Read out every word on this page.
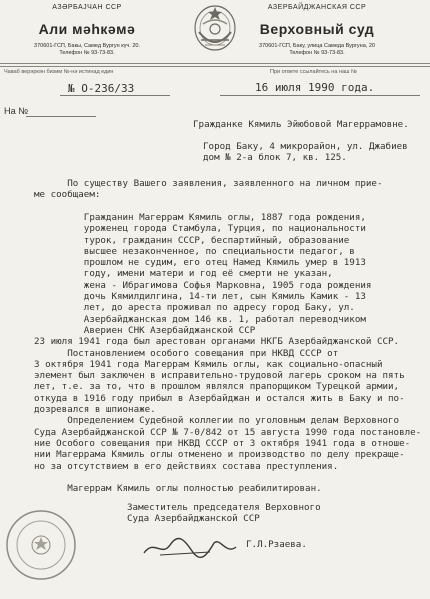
АЗƏРБАЈЧАН ССР
Али мəһкəмə
370601-ГСП, Бакы, Самед Вургун күч. 20.
Телефон № 93-73-83.
АЗЕРБАЙДЖАНСКАЯ ССР
Верховный суд
370601-ГСП, Баку, улица Самеда Вургуна, 20
Телефон № 93-73-83.
Чаваб верəркəн бизим №-нə истинад един	При ответе ссылайтесь на наш №
№ О-236/33	16 июля 1990 года.
На №
Гражданке Кямиль Эйюбовой Магеррамовне.
Город Баку, 4 микрорайон, ул. Джабиев
дом № 2-а блок 7, кв. 125.
По существу Вашего заявления, заявленного на личном прие-
ме сообщаем:
Гражданин Магеррам Кямиль оглы, 1887 года рождения,
уроженец города Стамбула, Турция, по национальности
турок, гражданин СССР, беспартийный, образование
высшее незаконченное, по специальности педагог, в
прошлом не судим, его отец Намед Кямиль умер в 1913
году, имени матери и год её смерти не указан,
жена - Ибрагимова Софья Марковна, 1905 года рождения
дочь Кямилдилгина, 14-ти лет, сын Кямиль Камик - 13
лет, до ареста проживал по адресу город Баку, ул.
Азербайджанская дом 146 кв. 1, работал переводчиком
Авериен СНК Азербайджанской ССР
23 июля 1941 года был арестован органами НКГБ Азербайджанской ССР.
Постановлением особого совещания при НКВД СССР от
3 октября 1941 года Магеррам Кямиль оглы, как социально-опасный
элемент был заключен в исправительно-трудовой лагерь сроком на пять
лет, т.е. за то, что в прошлом являлся прапорщиком Турецкой армии,
откуда в 1916 году прибыл в Азербайджан и остался жить в Баку и по-
дозревался в шпионаже.
Определением Судебной коллегии по уголовным делам Верховного
Суда Азербайджанской ССР № 7-0/842 от 15 августа 1990 года постановле-
ние Особого совещания при НКВД СССР от 3 октября 1941 года в отноше-
нии Магеррама Кямиль оглы отменено и производство по делу прекраще-
но за отсутствием в его действиях состава преступления.
Магеррам Кямиль оглы полностью реабилитирован.
Заместитель председателя Верховного
Суда Азербайджанской ССР
Г.Л.Рзаева.
